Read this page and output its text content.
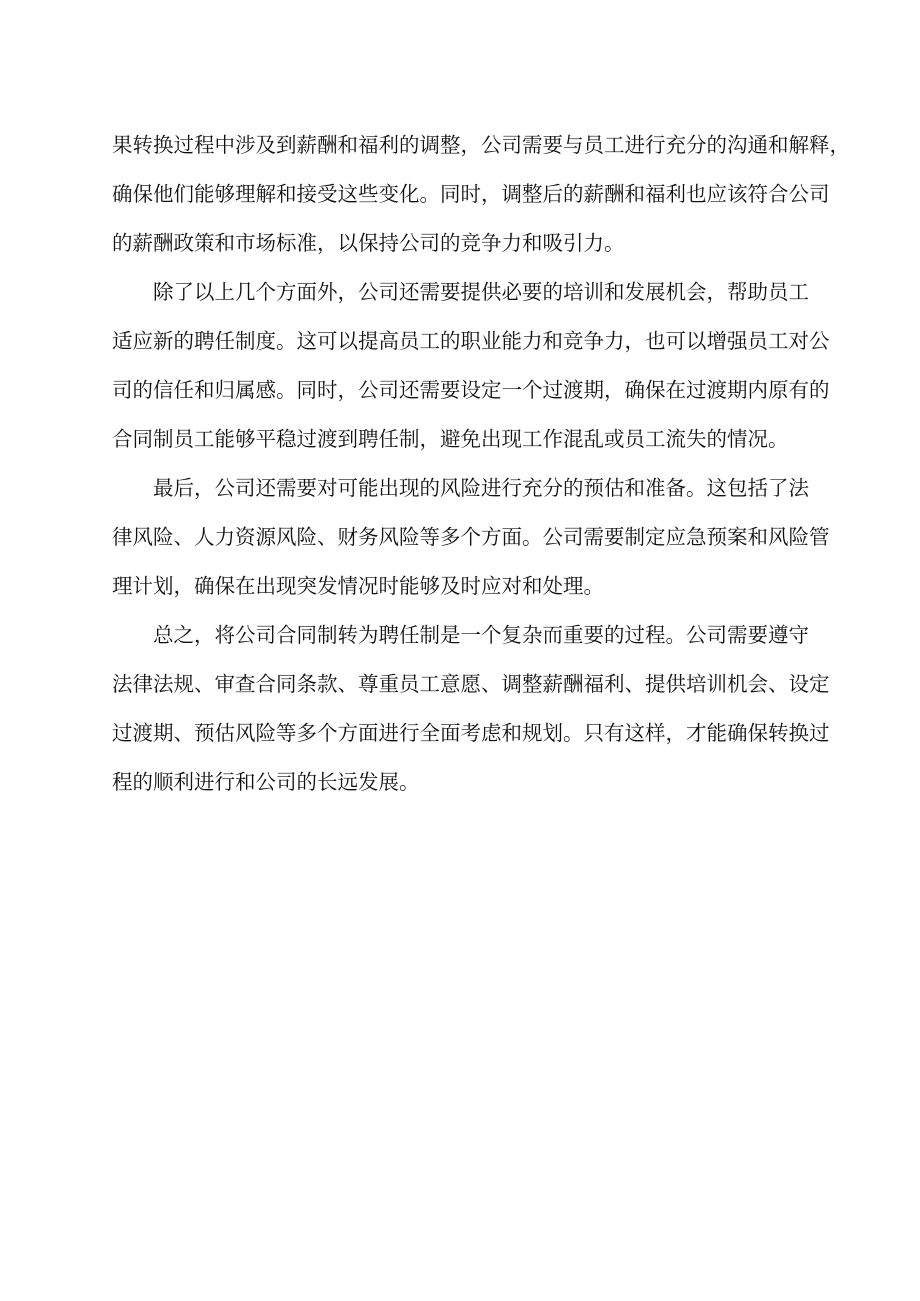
果转换过程中涉及到薪酬和福利的调整，公司需要与员工进行充分的沟通和解释，
确保他们能够理解和接受这些变化。同时，调整后的薪酬和福利也应该符合公司
的薪酬政策和市场标准，以保持公司的竞争力和吸引力。

除了以上几个方面外，公司还需要提供必要的培训和发展机会，帮助员工
适应新的聘任制度。这可以提高员工的职业能力和竞争力，也可以增强员工对公
司的信任和归属感。同时，公司还需要设定一个过渡期，确保在过渡期内原有的
合同制员工能够平稳过渡到聘任制，避免出现工作混乱或员工流失的情况。

最后，公司还需要对可能出现的风险进行充分的预估和准备。这包括了法
律风险、人力资源风险、财务风险等多个方面。公司需要制定应急预案和风险管
理计划，确保在出现突发情况时能够及时应对和处理。

总之，将公司合同制转为聘任制是一个复杂而重要的过程。公司需要遵守
法律法规、审查合同条款、尊重员工意愿、调整薪酬福利、提供培训机会、设定
过渡期、预估风险等多个方面进行全面考虑和规划。只有这样，才能确保转换过
程的顺利进行和公司的长远发展。
